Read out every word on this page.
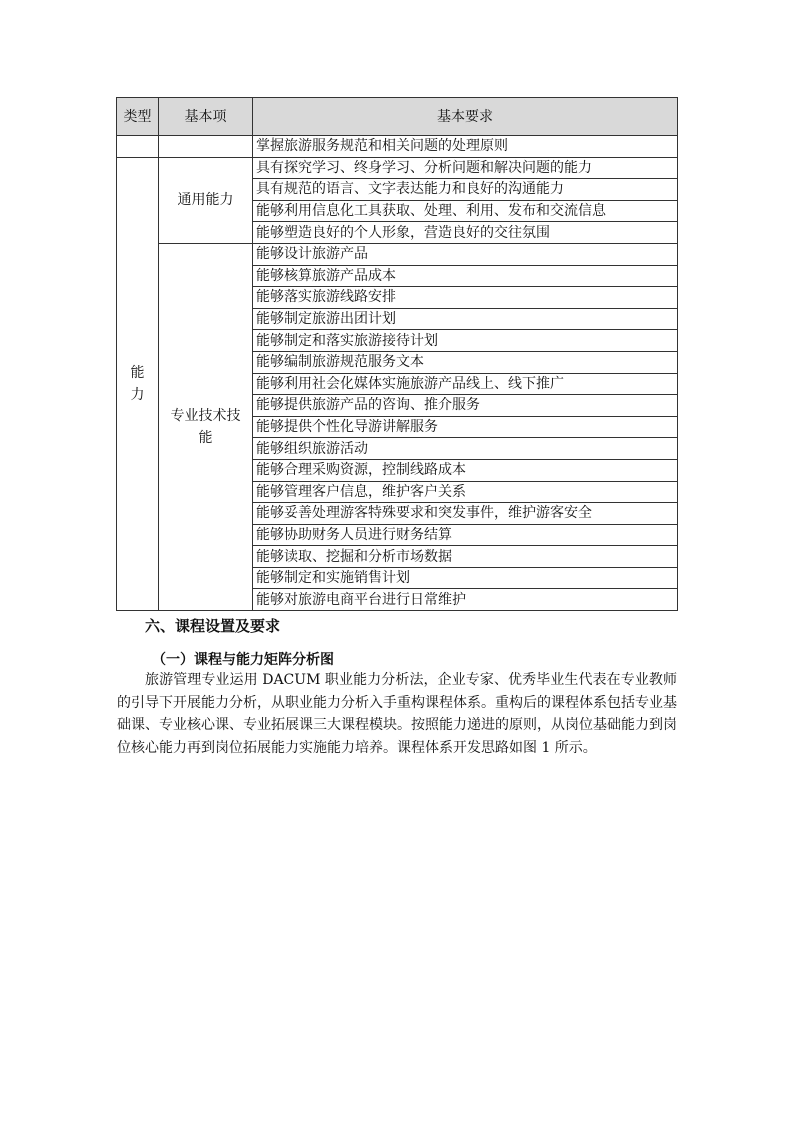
类型	基本项	基本要求
		掌握旅游服务规范和相关问题的处理原则
能力	通用能力	具有探究学习、终身学习、分析问题和解决问题的能力
		具有规范的语言、文字表达能力和良好的沟通能力
		能够利用信息化工具获取、处理、利用、发布和交流信息
		能够塑造良好的个人形象，营造良好的交往氛围
	专业技术技能	能够设计旅游产品
		能够核算旅游产品成本
		能够落实旅游线路安排
		能够制定旅游出团计划
		能够制定和落实旅游接待计划
		能够编制旅游规范服务文本
		能够利用社会化媒体实施旅游产品线上、线下推广
		能够提供旅游产品的咨询、推介服务
		能够提供个性化导游讲解服务
		能够组织旅游活动
		能够合理采购资源，控制线路成本
		能够管理客户信息，维护客户关系
		能够妥善处理游客特殊要求和突发事件，维护游客安全
		能够协助财务人员进行财务结算
		能够读取、挖掘和分析市场数据
		能够制定和实施销售计划
		能够对旅游电商平台进行日常维护
六、课程设置及要求
（一）课程与能力矩阵分析图

旅游管理专业运用 DACUM 职业能力分析法，企业专家、优秀毕业生代表在专业教师的引导下开展能力分析，从职业能力分析入手重构课程体系。重构后的课程体系包括专业基础课、专业核心课、专业拓展课三大课程模块。按照能力递进的原则，从岗位基础能力到岗位核心能力再到岗位拓展能力实施能力培养。课程体系开发思路如图 1 所示。
